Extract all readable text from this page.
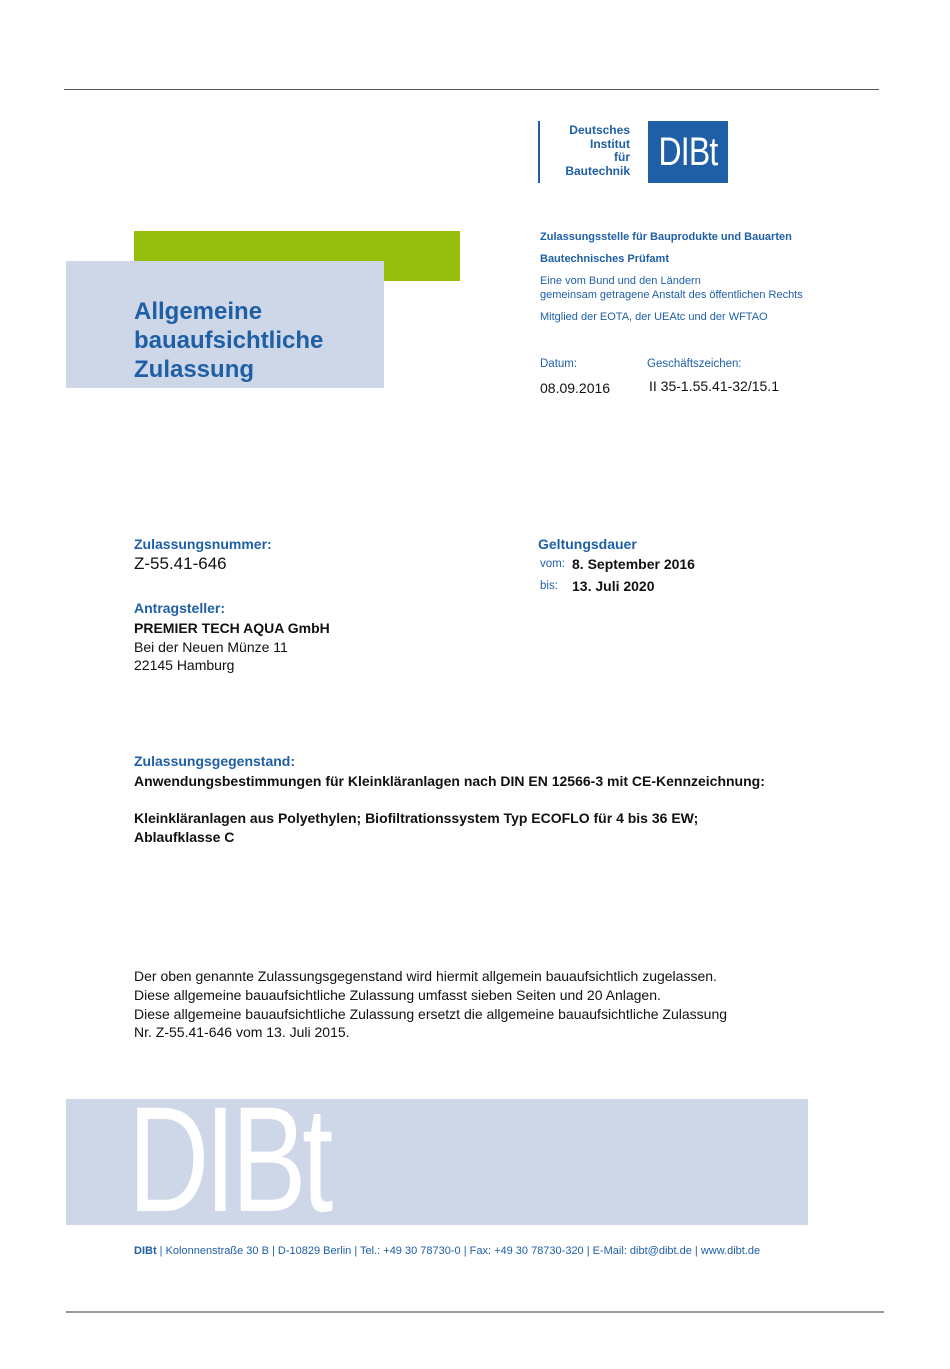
Deutsches
Institut
für
Bautechnik DIBt
Allgemeine
bauaufsichtliche
Zulassung
Zulassungsstelle für Bauprodukte und Bauarten
Bautechnisches Prüfamt
Eine vom Bund und den Ländern
gemeinsam getragene Anstalt des öffentlichen Rechts
Mitglied der EOTA, der UEAtc und der WFTAO
Datum:
08.09.2016
Geschäftszeichen:
II 35-1.55.41-32/15.1
Zulassungsnummer:
Z-55.41-646
Geltungsdauer
vom: 8. September 2016
bis: 13. Juli 2020
Antragsteller:
PREMIER TECH AQUA GmbH
Bei der Neuen Münze 11
22145 Hamburg
Zulassungsgegenstand:
Anwendungsbestimmungen für Kleinkläranlagen nach DIN EN 12566-3 mit CE-Kennzeichnung:
Kleinkläranlagen aus Polyethylen; Biofiltrationssystem Typ ECOFLO für 4 bis 36 EW;
Ablaufklasse C
Der oben genannte Zulassungsgegenstand wird hiermit allgemein bauaufsichtlich zugelassen.
Diese allgemeine bauaufsichtliche Zulassung umfasst sieben Seiten und 20 Anlagen.
Diese allgemeine bauaufsichtliche Zulassung ersetzt die allgemeine bauaufsichtliche Zulassung
Nr. Z-55.41-646 vom 13. Juli 2015.
DIBt
DIBt | Kolonnenstraße 30 B | D-10829 Berlin | Tel.: +49 30 78730-0 | Fax: +49 30 78730-320 | E-Mail: dibt@dibt.de | www.dibt.de
